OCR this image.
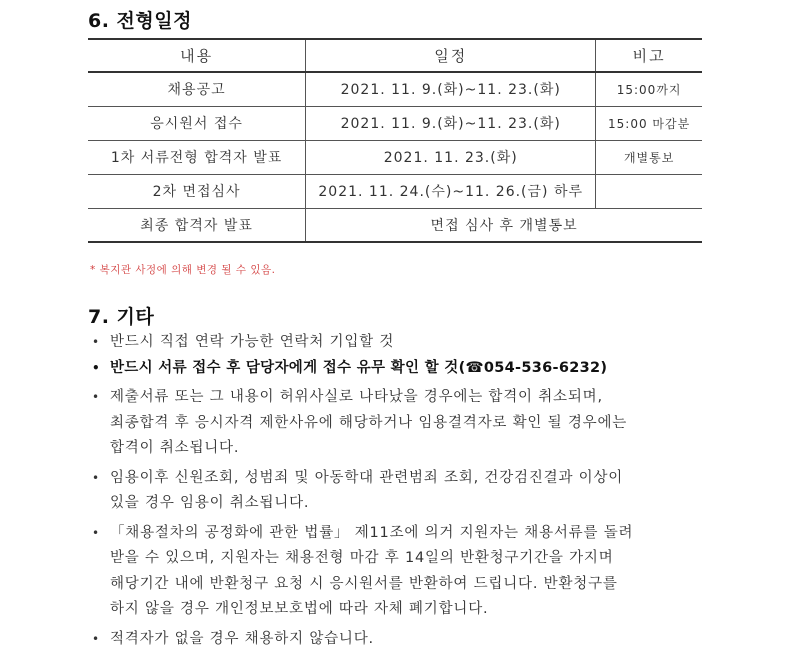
6. 전형일정
내용	일정	비고
채용공고	2021. 11. 9.(화)~11. 23.(화)	15:00까지
응시원서 접수	2021. 11. 9.(화)~11. 23.(화)	15:00 마감분
1차 서류전형 합격자 발표	2021. 11. 23.(화)	개별통보
2차 면접심사	2021. 11. 24.(수)~11. 26.(금) 하루	
최종 합격자 발표	면접 심사 후 개별통보	
* 복지관 사정에 의해 변경 될 수 있음.
7. 기타
• 반드시 직접 연락 가능한 연락처 기입할 것
• 반드시 서류 접수 후 담당자에게 접수 유무 확인 할 것(☎054-536-6232)
• 제출서류 또는 그 내용이 허위사실로 나타났을 경우에는 합격이 취소되며,
최종합격 후 응시자격 제한사유에 해당하거나 임용결격자로 확인 될 경우에는
합격이 취소됩니다.
• 임용이후 신원조회, 성범죄 및 아동학대 관련범죄 조회, 건강검진결과 이상이
있을 경우 임용이 취소됩니다.
• 「채용절차의 공정화에 관한 법률」 제11조에 의거 지원자는 채용서류를 돌려
받을 수 있으며, 지원자는 채용전형 마감 후 14일의 반환청구기간을 가지며
해당기간 내에 반환청구 요청 시 응시원서를 반환하여 드립니다. 반환청구를
하지 않을 경우 개인정보보호법에 따라 자체 폐기합니다.
• 적격자가 없을 경우 채용하지 않습니다.
